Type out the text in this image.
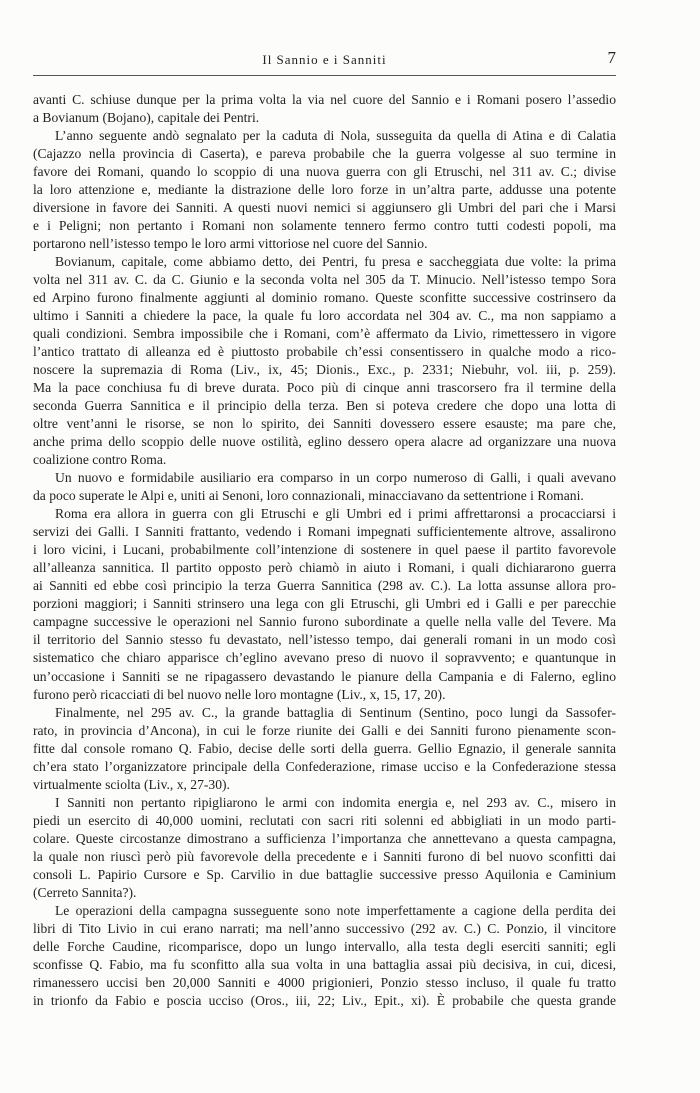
Il Sannio e i Sanniti	7
avanti C. schiuse dunque per la prima volta la via nel cuore del Sannio e i Romani posero l’assedio
a Bovianum (Bojano), capitale dei Pentri.
L’anno seguente andò segnalato per la caduta di Nola, susseguita da quella di Atina e di Calatia
(Cajazzo nella provincia di Caserta), e pareva probabile che la guerra volgesse al suo termine in
favore dei Romani, quando lo scoppio di una nuova guerra con gli Etruschi, nel 311 av. C.; divise
la loro attenzione e, mediante la distrazione delle loro forze in un’altra parte, addusse una potente
diversione in favore dei Sanniti. A questi nuovi nemici si aggiunsero gli Umbri del pari che i Marsi
e i Peligni; non pertanto i Romani non solamente tennero fermo contro tutti codesti popoli, ma
portarono nell’istesso tempo le loro armi vittoriose nel cuore del Sannio.
Bovianum, capitale, come abbiamo detto, dei Pentri, fu presa e saccheggiata due volte: la prima
volta nel 311 av. C. da C. Giunio e la seconda volta nel 305 da T. Minucio. Nell’istesso tempo Sora
ed Arpino furono finalmente aggiunti al dominio romano. Queste sconfitte successive costrinsero da
ultimo i Sanniti a chiedere la pace, la quale fu loro accordata nel 304 av. C., ma non sappiamo a
quali condizioni. Sembra impossibile che i Romani, com’è affermato da Livio, rimettessero in vigore
l’antico trattato di alleanza ed è piuttosto probabile ch’essi consentissero in qualche modo a rico-
noscere la supremazia di Roma (Liv., ix, 45; Dionis., Exc., p. 2331; Niebuhr, vol. iii, p. 259).
Ma la pace conchiusa fu di breve durata. Poco più di cinque anni trascorsero fra il termine della
seconda Guerra Sannitica e il principio della terza. Ben si poteva credere che dopo una lotta di
oltre vent’anni le risorse, se non lo spirito, dei Sanniti dovessero essere esauste; ma pare che,
anche prima dello scoppio delle nuove ostilità, eglino dessero opera alacre ad organizzare una nuova
coalizione contro Roma.
Un nuovo e formidabile ausiliario era comparso in un corpo numeroso di Galli, i quali avevano
da poco superate le Alpi e, uniti ai Senoni, loro connazionali, minacciavano da settentrione i Romani.
Roma era allora in guerra con gli Etruschi e gli Umbri ed i primi affrettaronsi a procacciarsi i
servizi dei Galli. I Sanniti frattanto, vedendo i Romani impegnati sufficientemente altrove, assalirono
i loro vicini, i Lucani, probabilmente coll’intenzione di sostenere in quel paese il partito favorevole
all’alleanza sannitica. Il partito opposto però chiamò in aiuto i Romani, i quali dichiararono guerra
ai Sanniti ed ebbe così principio la terza Guerra Sannitica (298 av. C.). La lotta assunse allora pro-
porzioni maggiori; i Sanniti strinsero una lega con gli Etruschi, gli Umbri ed i Galli e per parecchie
campagne successive le operazioni nel Sannio furono subordinate a quelle nella valle del Tevere. Ma
il territorio del Sannio stesso fu devastato, nell’istesso tempo, dai generali romani in un modo così
sistematico che chiaro apparisce ch’eglino avevano preso di nuovo il sopravvento; e quantunque in
un’occasione i Sanniti se ne ripagassero devastando le pianure della Campania e di Falerno, eglino
furono però ricacciati di bel nuovo nelle loro montagne (Liv., x, 15, 17, 20).
Finalmente, nel 295 av. C., la grande battaglia di Sentinum (Sentino, poco lungi da Sassofer-
rato, in provincia d’Ancona), in cui le forze riunite dei Galli e dei Sanniti furono pienamente scon-
fitte dal console romano Q. Fabio, decise delle sorti della guerra. Gellio Egnazio, il generale sannita
ch’era stato l’organizzatore principale della Confederazione, rimase ucciso e la Confederazione stessa
virtualmente sciolta (Liv., x, 27-30).
I Sanniti non pertanto ripigliarono le armi con indomita energia e, nel 293 av. C., misero in
piedi un esercito di 40,000 uomini, reclutati con sacri riti solenni ed abbigliati in un modo parti-
colare. Queste circostanze dimostrano a sufficienza l’importanza che annettevano a questa campagna,
la quale non riuscì però più favorevole della precedente e i Sanniti furono di bel nuovo sconfitti dai
consoli L. Papirio Cursore e Sp. Carvilio in due battaglie successive presso Aquilonia e Caminium
(Cerreto Sannita?).
Le operazioni della campagna susseguente sono note imperfettamente a cagione della perdita dei
libri di Tito Livio in cui erano narrati; ma nell’anno successivo (292 av. C.) C. Ponzio, il vincitore
delle Forche Caudine, ricomparisce, dopo un lungo intervallo, alla testa degli eserciti sanniti; egli
sconfisse Q. Fabio, ma fu sconfitto alla sua volta in una battaglia assai più decisiva, in cui, dicesi,
rimanessero uccisi ben 20,000 Sanniti e 4000 prigionieri, Ponzio stesso incluso, il quale fu tratto
in trionfo da Fabio e poscia ucciso (Oros., iii, 22; Liv., Epit., xi). È probabile che questa grande
